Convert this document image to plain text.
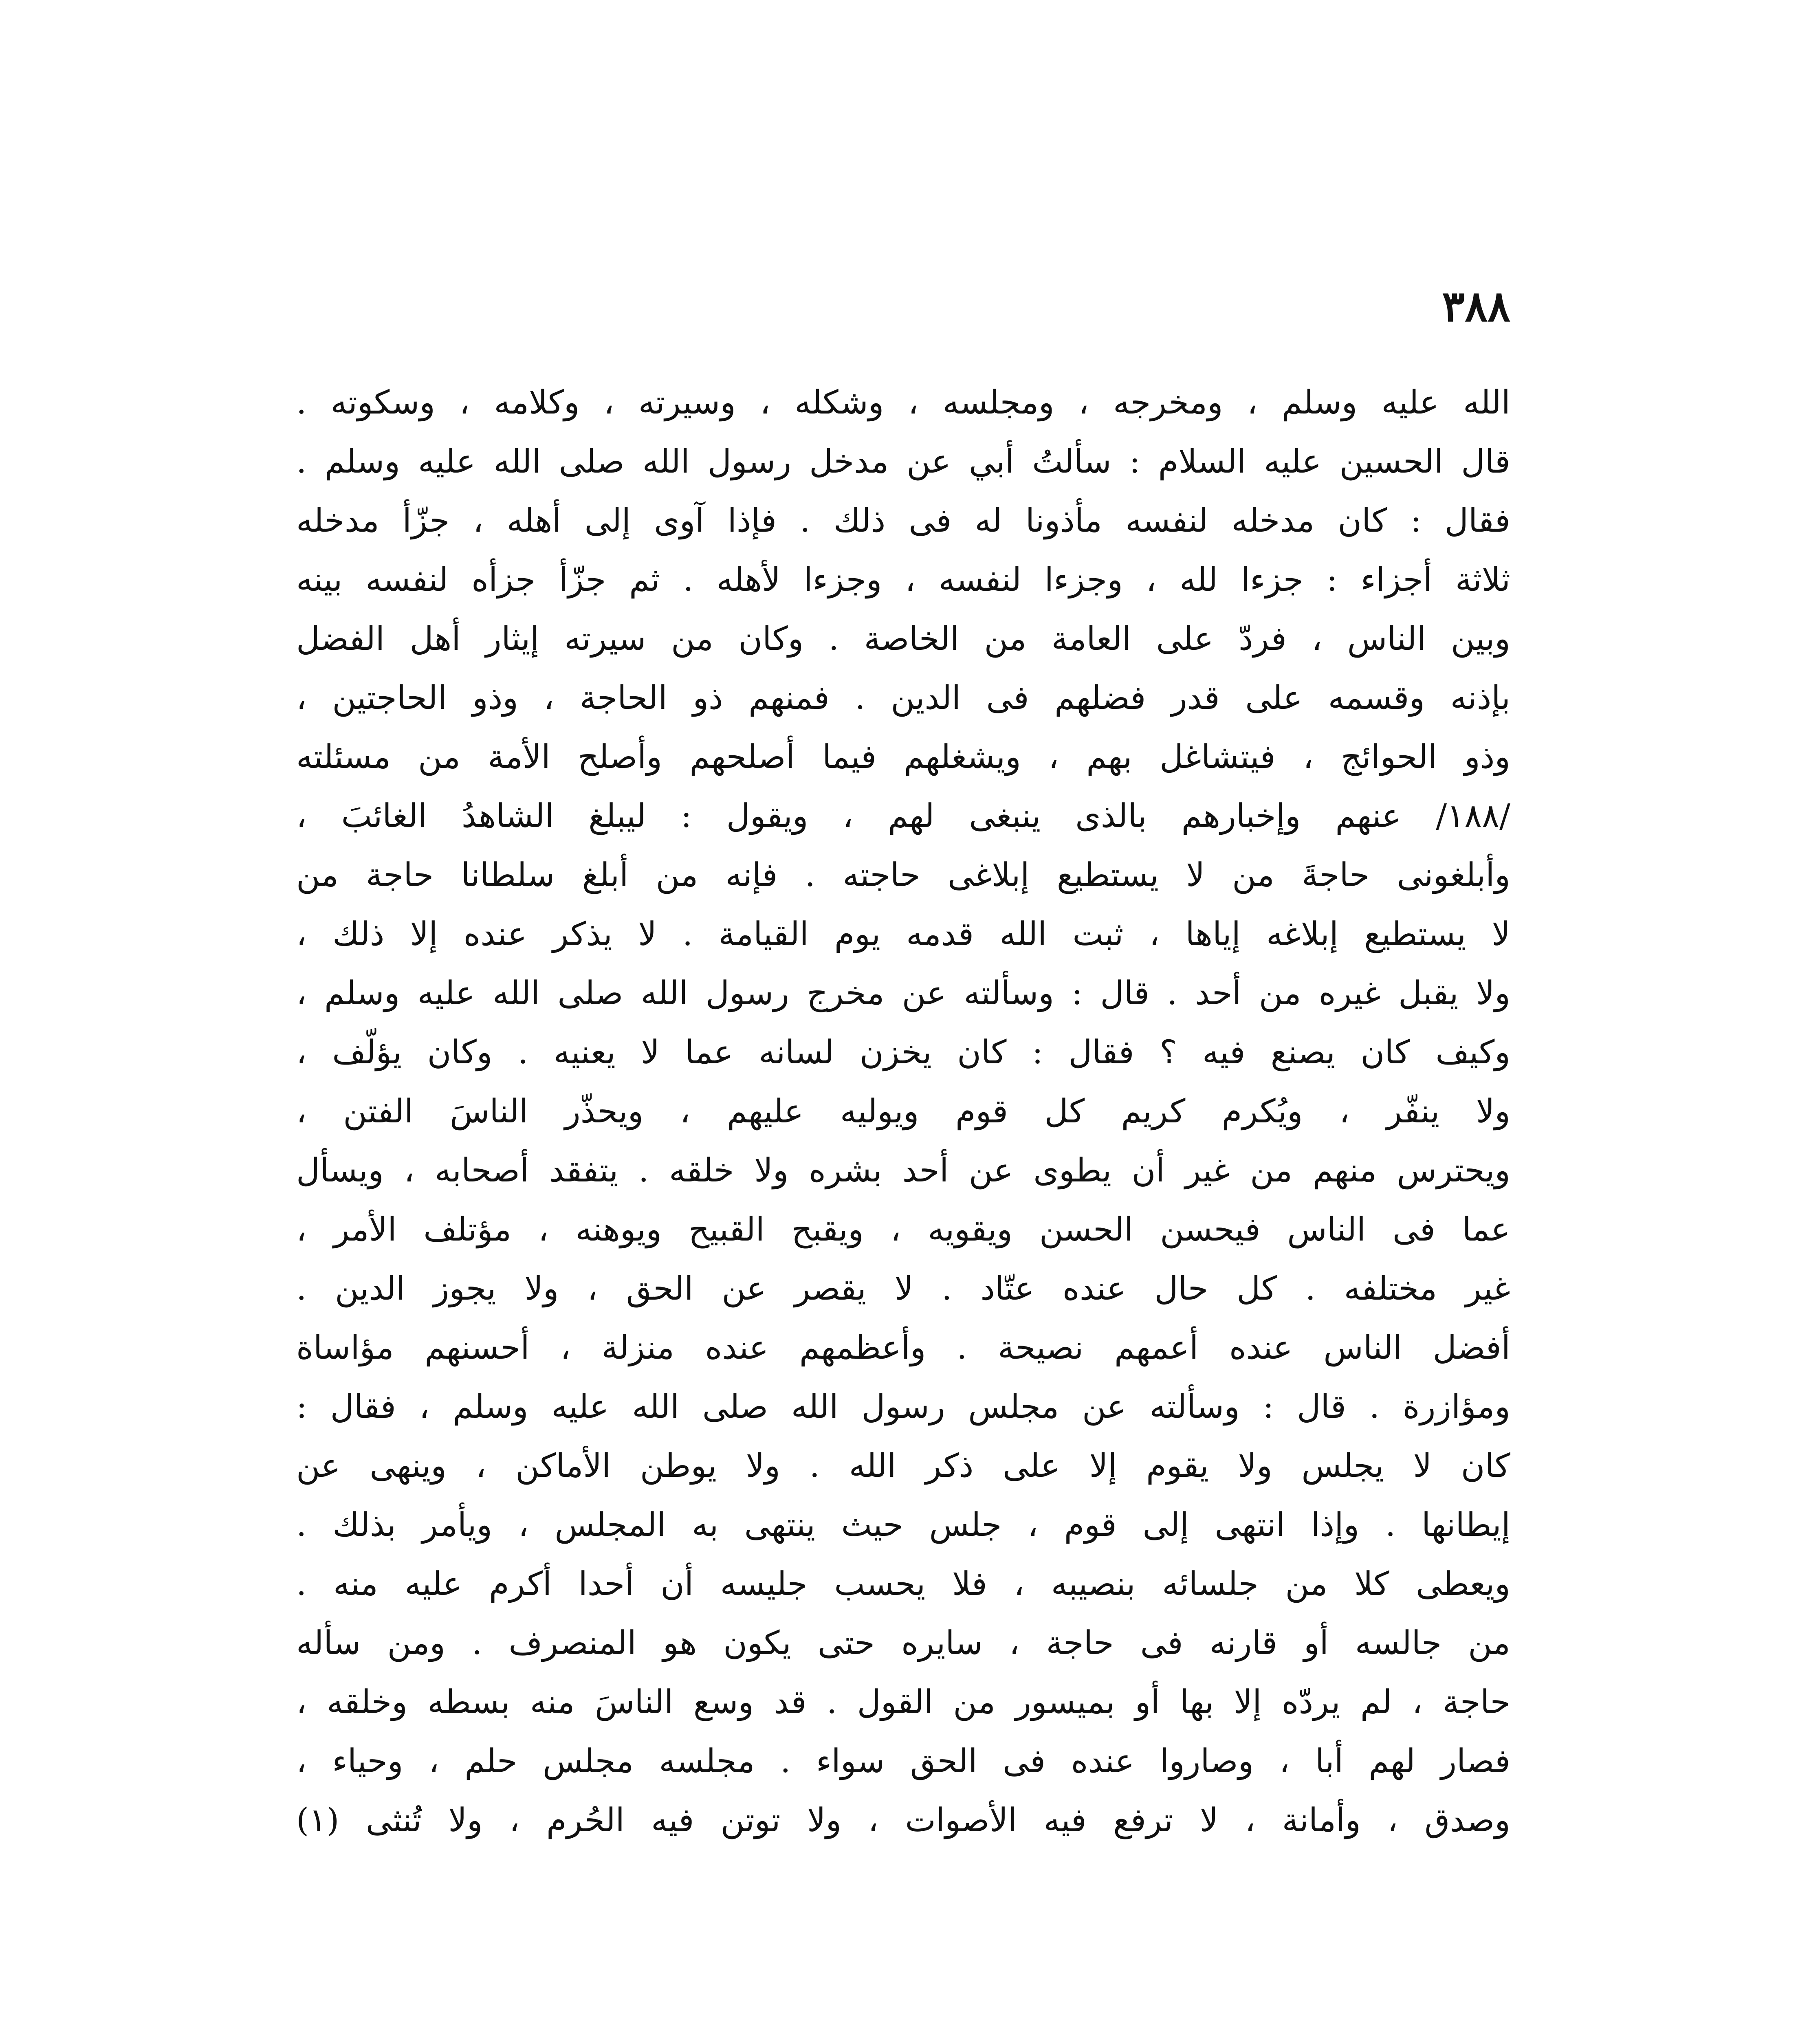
٣٨٨
الله عليه وسلم ، ومخرجه ، ومجلسه ، وشكله ، وسيرته ، وكلامه ، وسكوته .
قال الحسين عليه السلام : سألتُ أبي عن مدخل رسول الله صلى الله عليه وسلم .
فقال : كان مدخله لنفسه مأذونا له فى ذلك . فإذا آوى إلى أهله ، جزّأ مدخله
ثلاثة أجزاء : جزءا لله ، وجزءا لنفسه ، وجزءا لأهله . ثم جزّأ جزأه لنفسه بينه
وبين الناس ، فردّ على العامة من الخاصة . وكان من سيرته إيثار أهل الفضل
بإذنه وقسمه على قدر فضلهم فى الدين . فمنهم ذو الحاجة ، وذو الحاجتين ،
وذو الحوائج ، فيتشاغل بهم ، ويشغلهم فيما أصلحهم وأصلح الأمة من مسئلته
/١٨٨/ عنهم وإخبارهم بالذى ينبغى لهم ، ويقول : ليبلغ الشاهدُ الغائبَ ،
وأبلغونى حاجةَ من لا يستطيع إبلاغى حاجته . فإنه من أبلغ سلطانا حاجة من
لا يستطيع إبلاغه إياها ، ثبت الله قدمه يوم القيامة . لا يذكر عنده إلا ذلك ،
ولا يقبل غيره من أحد . قال : وسألته عن مخرج رسول الله صلى الله عليه وسلم ،
وكيف كان يصنع فيه ؟ فقال : كان يخزن لسانه عما لا يعنيه . وكان يؤلّف ،
ولا ينفّر ، ويُكرم كريم كل قوم ويوليه عليهم ، ويحذّر الناسَ الفتن ،
ويحترس منهم من غير أن يطوى عن أحد بشره ولا خلقه . يتفقد أصحابه ، ويسأل
عما فى الناس فيحسن الحسن ويقويه ، ويقبح القبيح ويوهنه ، مؤتلف الأمر ،
غير مختلفه . كل حال عنده عتّاد . لا يقصر عن الحق ، ولا يجوز الدين .
أفضل الناس عنده أعمهم نصيحة . وأعظمهم عنده منزلة ، أحسنهم مؤاساة
ومؤازرة . قال : وسألته عن مجلس رسول الله صلى الله عليه وسلم ، فقال :
كان لا يجلس ولا يقوم إلا على ذكر الله . ولا يوطن الأماكن ، وينهى عن
إيطانها . وإذا انتهى إلى قوم ، جلس حيث ينتهى به المجلس ، ويأمر بذلك .
ويعطى كلا من جلسائه بنصيبه ، فلا يحسب جليسه أن أحدا أكرم عليه منه .
من جالسه أو قارنه فى حاجة ، سايره حتى يكون هو المنصرف . ومن سأله
حاجة ، لم يردّه إلا بها أو بميسور من القول . قد وسع الناسَ منه بسطه وخلقه ،
فصار لهم أبا ، وصاروا عنده فى الحق سواء . مجلسه مجلس حلم ، وحياء ،
وصدق ، وأمانة ، لا ترفع فيه الأصوات ، ولا توتن فيه الحُرم ، ولا تُنثى (١)
